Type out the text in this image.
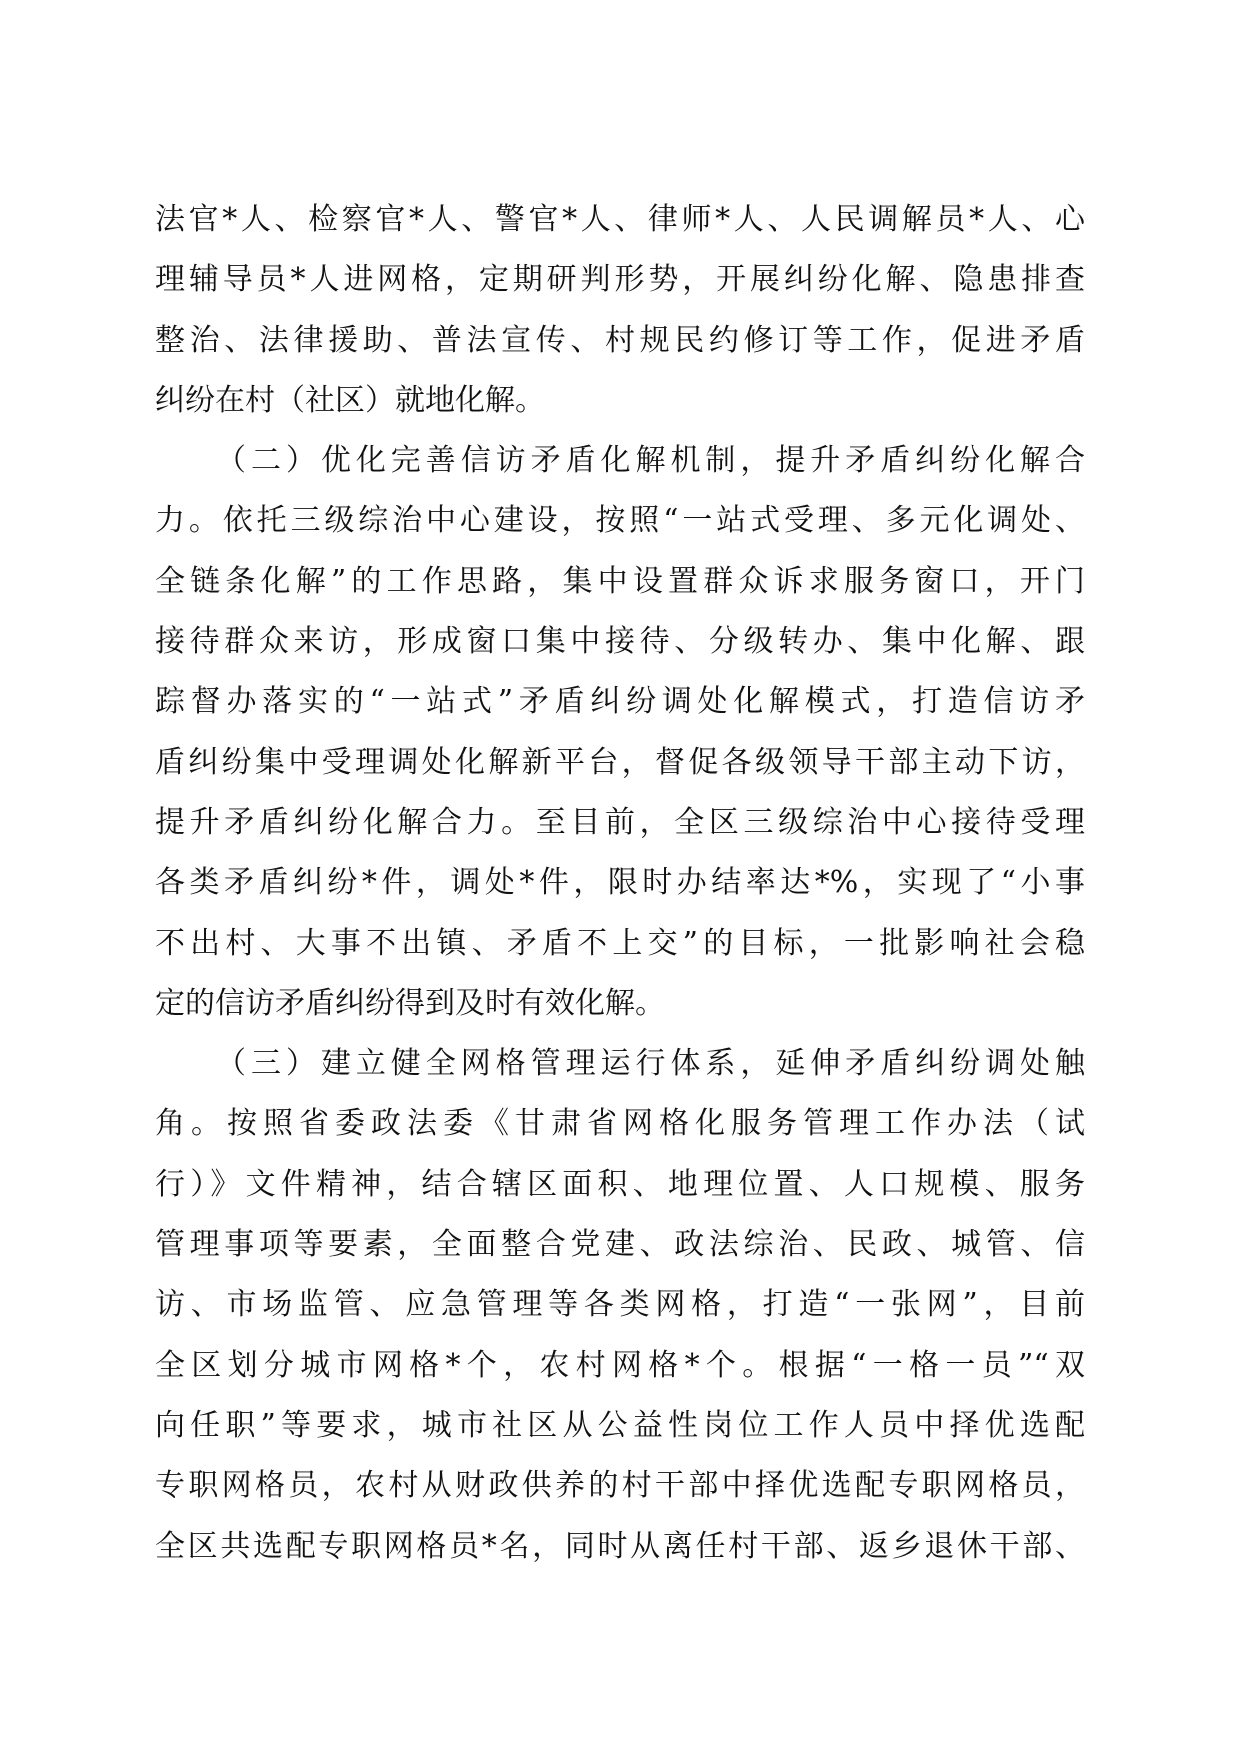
法官*人、检察官*人、警官*人、律师*人、人民调解员*人、心
理辅导员*人进网格，定期研判形势，开展纠纷化解、隐患排查
整治、法律援助、普法宣传、村规民约修订等工作，促进矛盾
纠纷在村（社区）就地化解。
（二）优化完善信访矛盾化解机制，提升矛盾纠纷化解合
力。依托三级综治中心建设，按照“一站式受理、多元化调处、
全链条化解”的工作思路，集中设置群众诉求服务窗口，开门
接待群众来访，形成窗口集中接待、分级转办、集中化解、跟
踪督办落实的“一站式”矛盾纠纷调处化解模式，打造信访矛
盾纠纷集中受理调处化解新平台，督促各级领导干部主动下访，
提升矛盾纠纷化解合力。至目前，全区三级综治中心接待受理
各类矛盾纠纷*件，调处*件，限时办结率达*%，实现了“小事
不出村、大事不出镇、矛盾不上交”的目标，一批影响社会稳
定的信访矛盾纠纷得到及时有效化解。
（三）建立健全网格管理运行体系，延伸矛盾纠纷调处触
角。按照省委政法委《甘肃省网格化服务管理工作办法（试
行）》文件精神，结合辖区面积、地理位置、人口规模、服务
管理事项等要素，全面整合党建、政法综治、民政、城管、信
访、市场监管、应急管理等各类网格，打造“一张网”，目前
全区划分城市网格*个，农村网格*个。根据“一格一员”“双
向任职”等要求，城市社区从公益性岗位工作人员中择优选配
专职网格员，农村从财政供养的村干部中择优选配专职网格员，
全区共选配专职网格员*名，同时从离任村干部、返乡退休干部、
